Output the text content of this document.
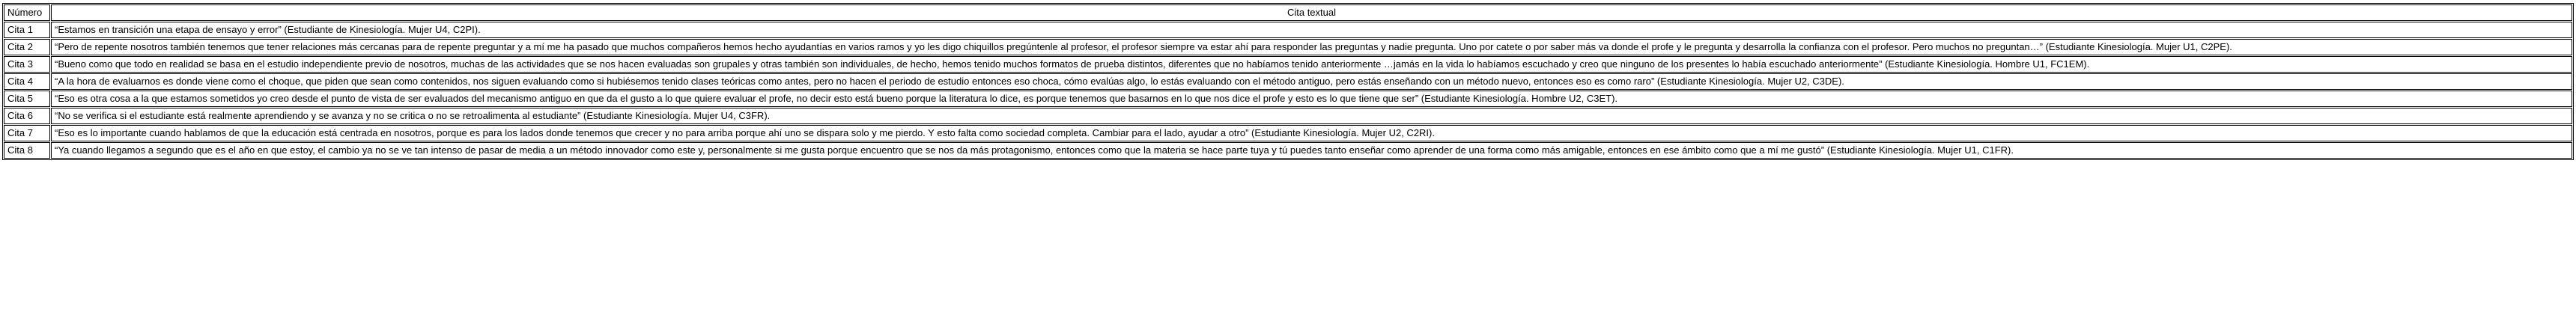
Número	Cita textual
Cita 1	“Estamos en transición una etapa de ensayo y error” (Estudiante de Kinesiología. Mujer U4, C2PI).
Cita 2	“Pero de repente nosotros también tenemos que tener relaciones más cercanas para de repente preguntar y a mí me ha pasado que muchos compañeros hemos hecho ayudantías en varios ramos y yo les digo chiquillos pregúntenle al profesor, el profesor siempre va estar ahí para responder las preguntas y nadie pregunta. Uno por catete o por saber más va donde el profe y le pregunta y desarrolla la confianza con el profesor. Pero muchos no preguntan…” (Estudiante Kinesiología. Mujer U1, C2PE).
Cita 3	“Bueno como que todo en realidad se basa en el estudio independiente previo de nosotros, muchas de las actividades que se nos hacen evaluadas son grupales y otras también son individuales, de hecho, hemos tenido muchos formatos de prueba distintos, diferentes que no habíamos tenido anteriormente …jamás en la vida lo habíamos escuchado y creo que ninguno de los presentes lo había escuchado anteriormente” (Estudiante Kinesiología. Hombre U1, FC1EM).
Cita 4	“A la hora de evaluarnos es donde viene como el choque, que piden que sean como contenidos, nos siguen evaluando como si hubiésemos tenido clases teóricas como antes, pero no hacen el periodo de estudio entonces eso choca, cómo evalúas algo, lo estás evaluando con el método antiguo, pero estás enseñando con un método nuevo, entonces eso es como raro” (Estudiante Kinesiología. Mujer U2, C3DE).
Cita 5	“Eso es otra cosa a la que estamos sometidos yo creo desde el punto de vista de ser evaluados del mecanismo antiguo en que da el gusto a lo que quiere evaluar el profe, no decir esto está bueno porque la literatura lo dice, es porque tenemos que basarnos en lo que nos dice el profe y esto es lo que tiene que ser” (Estudiante Kinesiología. Hombre U2, C3ET).
Cita 6	“No se verifica si el estudiante está realmente aprendiendo y se avanza y no se critica o no se retroalimenta al estudiante” (Estudiante Kinesiología. Mujer U4, C3FR).
Cita 7	“Eso es lo importante cuando hablamos de que la educación está centrada en nosotros, porque es para los lados donde tenemos que crecer y no para arriba porque ahí uno se dispara solo y me pierdo. Y esto falta como sociedad completa. Cambiar para el lado, ayudar a otro” (Estudiante Kinesiología. Mujer U2, C2RI).
Cita 8	“Ya cuando llegamos a segundo que es el año en que estoy, el cambio ya no se ve tan intenso de pasar de media a un método innovador como este y, personalmente si me gusta porque encuentro que se nos da más protagonismo, entonces como que la materia se hace parte tuya y tú puedes tanto enseñar como aprender de una forma como más amigable, entonces en ese ámbito como que a mí me gustó” (Estudiante Kinesiología. Mujer U1, C1FR).
